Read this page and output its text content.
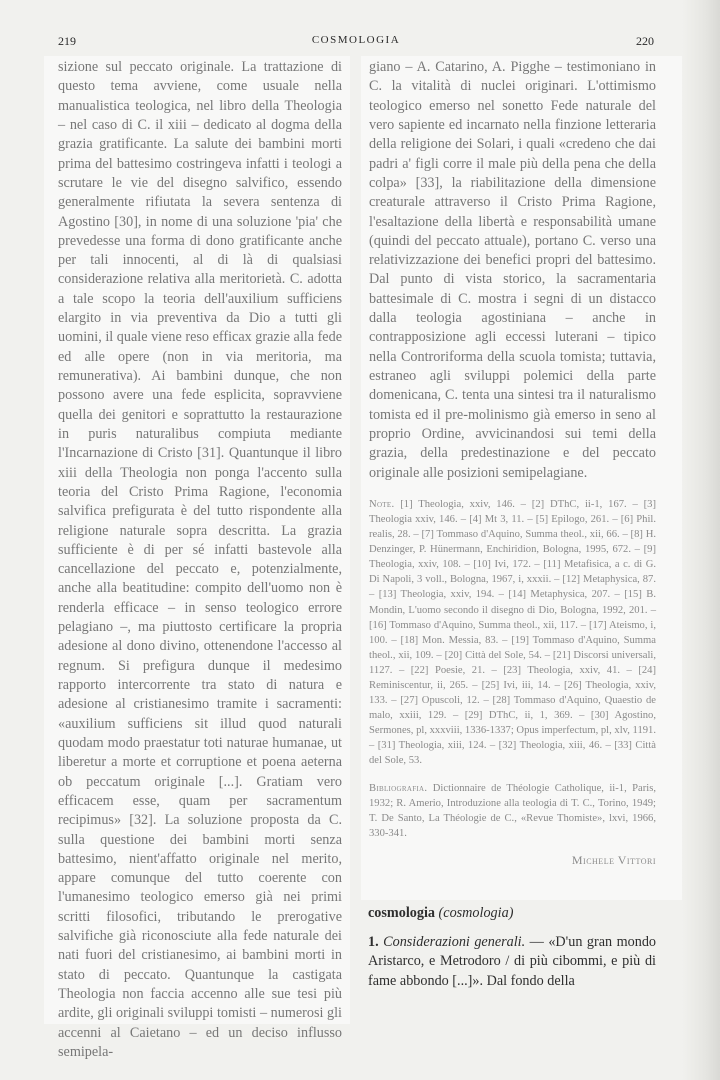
219	COSMOLOGIA	220

sizione sul peccato originale. La trattazione di questo tema avviene, come usuale nella manualistica teologica, nel libro della Theologia – nel caso di C. il xiii – dedicato al dogma della grazia gratificante. La salute dei bambini morti prima del battesimo costringeva infatti i teologi a scrutare le vie del disegno salvifico, essendo generalmente rifiutata la severa sentenza di Agostino [30], in nome di una soluzione 'pia' che prevedesse una forma di dono gratificante anche per tali innocenti, al di là di qualsiasi considerazione relativa alla meritorietà. C. adotta a tale scopo la teoria dell'auxilium sufficiens elargito in via preventiva da Dio a tutti gli uomini, il quale viene reso efficax grazie alla fede ed alle opere (non in via meritoria, ma remunerativa). Ai bambini dunque, che non possono avere una fede esplicita, sopravviene quella dei genitori e soprattutto la restaurazione in puris naturalibus compiuta mediante l'Incarnazione di Cristo [31]. Quantunque il libro xiii della Theologia non ponga l'accento sulla teoria del Cristo Prima Ragione, l'economia salvifica prefigurata è del tutto rispondente alla religione naturale sopra descritta. La grazia sufficiente è di per sé infatti bastevole alla cancellazione del peccato e, potenzialmente, anche alla beatitudine: compito dell'uomo non è renderla efficace – in senso teologico errore pelagiano –, ma piuttosto certificare la propria adesione al dono divino, ottenendone l'accesso al regnum. Si prefigura dunque il medesimo rapporto intercorrente tra stato di natura e adesione al cristianesimo tramite i sacramenti: «auxilium sufficiens sit illud quod naturali quodam modo praestatur toti naturae humanae, ut liberetur a morte et corruptione et poena aeterna ob peccatum originale [...]. Gratiam vero efficacem esse, quam per sacramentum recipimus» [32]. La soluzione proposta da C. sulla questione dei bambini morti senza battesimo, nient'affatto originale nel merito, appare comunque del tutto coerente con l'umanesimo teologico emerso già nei primi scritti filosofici, tributando le prerogative salvifiche già riconosciute alla fede naturale dei nati fuori del cristianesimo, ai bambini morti in stato di peccato. Quantunque la castigata Theologia non faccia accenno alle sue tesi più ardite, gli originali sviluppi tomisti – numerosi gli accenni al Caietano – ed un deciso influsso semipela-

giano – A. Catarino, A. Pigghe – testimoniano in C. la vitalità di nuclei originari. L'ottimismo teologico emerso nel sonetto Fede naturale del vero sapiente ed incarnato nella finzione letteraria della religione dei Solari, i quali «credeno che dai padri a' figli corre il male più della pena che della colpa» [33], la riabilitazione della dimensione creaturale attraverso il Cristo Prima Ragione, l'esaltazione della libertà e responsabilità umane (quindi del peccato attuale), portano C. verso una relativizzazione dei benefici propri del battesimo. Dal punto di vista storico, la sacramentaria battesimale di C. mostra i segni di un distacco dalla teologia agostiniana – anche in contrapposizione agli eccessi luterani – tipico nella Controriforma della scuola tomista; tuttavia, estraneo agli sviluppi polemici della parte domenicana, C. tenta una sintesi tra il naturalismo tomista ed il pre-molinismo già emerso in seno al proprio Ordine, avvicinandosi sui temi della grazia, della predestinazione e del peccato originale alle posizioni semipelagiane.

Note. [1] Theologia, xxiv, 146. – [2] DThC, ii-1, 167. – [3] Theologia xxiv, 146. – [4] Mt 3, 11. – [5] Epilogo, 261. – [6] Phil. realis, 28. – [7] Tommaso d'Aquino, Summa theol., xii, 66. – [8] H. Denzinger, P. Hünermann, Enchiridion, Bologna, 1995, 672. – [9] Theologia, xxiv, 108. – [10] Ivi, 172. – [11] Metafisica, a c. di G. Di Napoli, 3 voll., Bologna, 1967, i, xxxii. – [12] Metaphysica, 87. – [13] Theologia, xxiv, 194. – [14] Metaphysica, 207. – [15] B. Mondin, L'uomo secondo il disegno di Dio, Bologna, 1992, 201. – [16] Tommaso d'Aquino, Summa theol., xii, 117. – [17] Ateismo, i, 100. – [18] Mon. Messia, 83. – [19] Tommaso d'Aquino, Summa theol., xii, 109. – [20] Città del Sole, 54. – [21] Discorsi universali, 1127. – [22] Poesie, 21. – [23] Theologia, xxiv, 41. – [24] Reminiscentur, ii, 265. – [25] Ivi, iii, 14. – [26] Theologia, xxiv, 133. – [27] Opuscoli, 12. – [28] Tommaso d'Aquino, Quaestio de malo, xxiii, 129. – [29] DThC, ii, 1, 369. – [30] Agostino, Sermones, pl, xxxviii, 1336-1337; Opus imperfectum, pl, xlv, 1191. – [31] Theologia, xiii, 124. – [32] Theologia, xiii, 46. – [33] Città del Sole, 53.
Bibliografia. Dictionnaire de Théologie Catholique, ii-1, Paris, 1932; R. Amerio, Introduzione alla teologia di T. C., Torino, 1949; T. De Santo, La Théologie de C., «Revue Thomiste», lxvi, 1966, 330-341.
Michele Vittori
cosmologia (cosmologia)
1. Considerazioni generali. — «D'un gran mondo Aristarco, e Metrodoro / di più cibommi, e più di fame abbondo [...]». Dal fondo della
